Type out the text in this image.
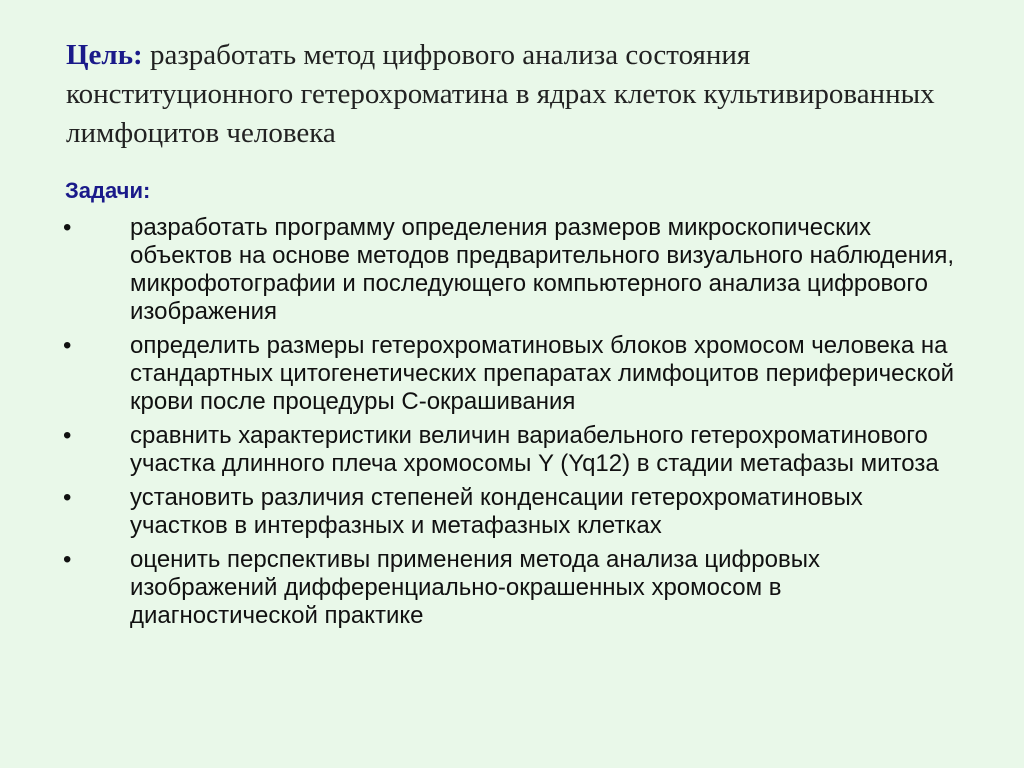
Цель: разработать метод цифрового анализа состояния конституционного гетерохроматина в ядрах клеток культивированных лимфоцитов человека

Задачи:

• разработать программу определения размеров микроскопических объектов на основе методов предварительного визуального наблюдения, микрофотографии и последующего компьютерного анализа цифрового изображения
• определить размеры гетерохроматиновых блоков хромосом человека на стандартных цитогенетических препаратах лимфоцитов периферической крови после процедуры С-окрашивания
• сравнить характеристики величин вариабельного гетерохроматинового участка длинного плеча хромосомы Y (Yq12) в стадии метафазы митоза
• установить различия степеней конденсации гетерохроматиновых участков в интерфазных и метафазных клетках
• оценить перспективы применения метода анализа цифровых изображений дифференциально-окрашенных хромосом в диагностической практике
